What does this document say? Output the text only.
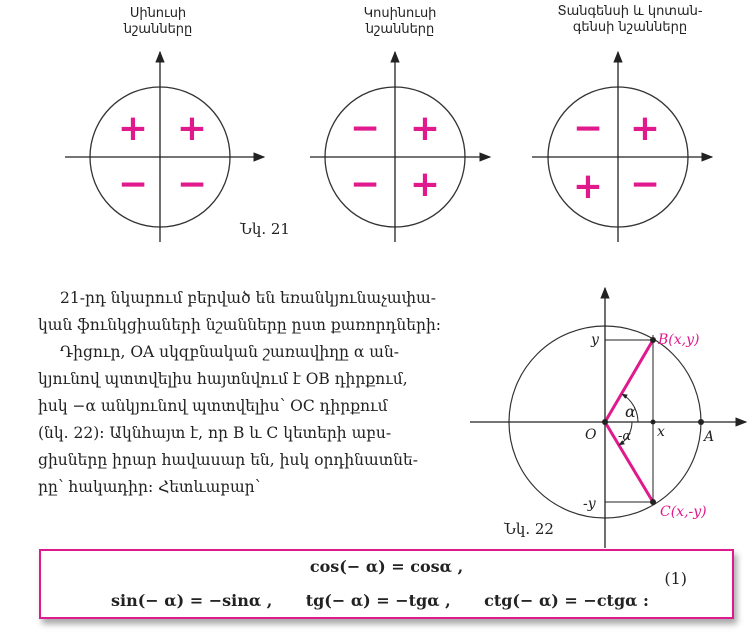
Սինուսի
նշանները
Կոսինուսի
նշանները
Տանգենսի և կոտան-
գենսի նշանները
+
+
− −
+
−
− +
+
−
+ −
Նկ. 21
21-րդ նկարում բերված են եռանկյունաչափա-
կան ֆունկցիաների նշանները ըստ քառորդների:
Դիցուր, OA սկզբնական շառավիղը α ան-
կյունով պտտվելիս հայտնվում է OB դիրքում,
իսկ −α անկյունով պտտվելիս՝ OC դիրքում
(նկ. 22): Ակնհայտ է, որ B և C կետերի աբս-
ցիսները իրար հավասար են, իսկ օրդինատնե-
րը՝ հակադիր: Հետևաբար՝
B(x,y)
C(x,-y)
O	A
y
-y
x
α
-α
Նկ. 22
cos(− α) = cosα ,
sin(− α) = −sinα ,      tg(− α) = −tgα ,      ctg(− α) = −ctgα :
(1)
